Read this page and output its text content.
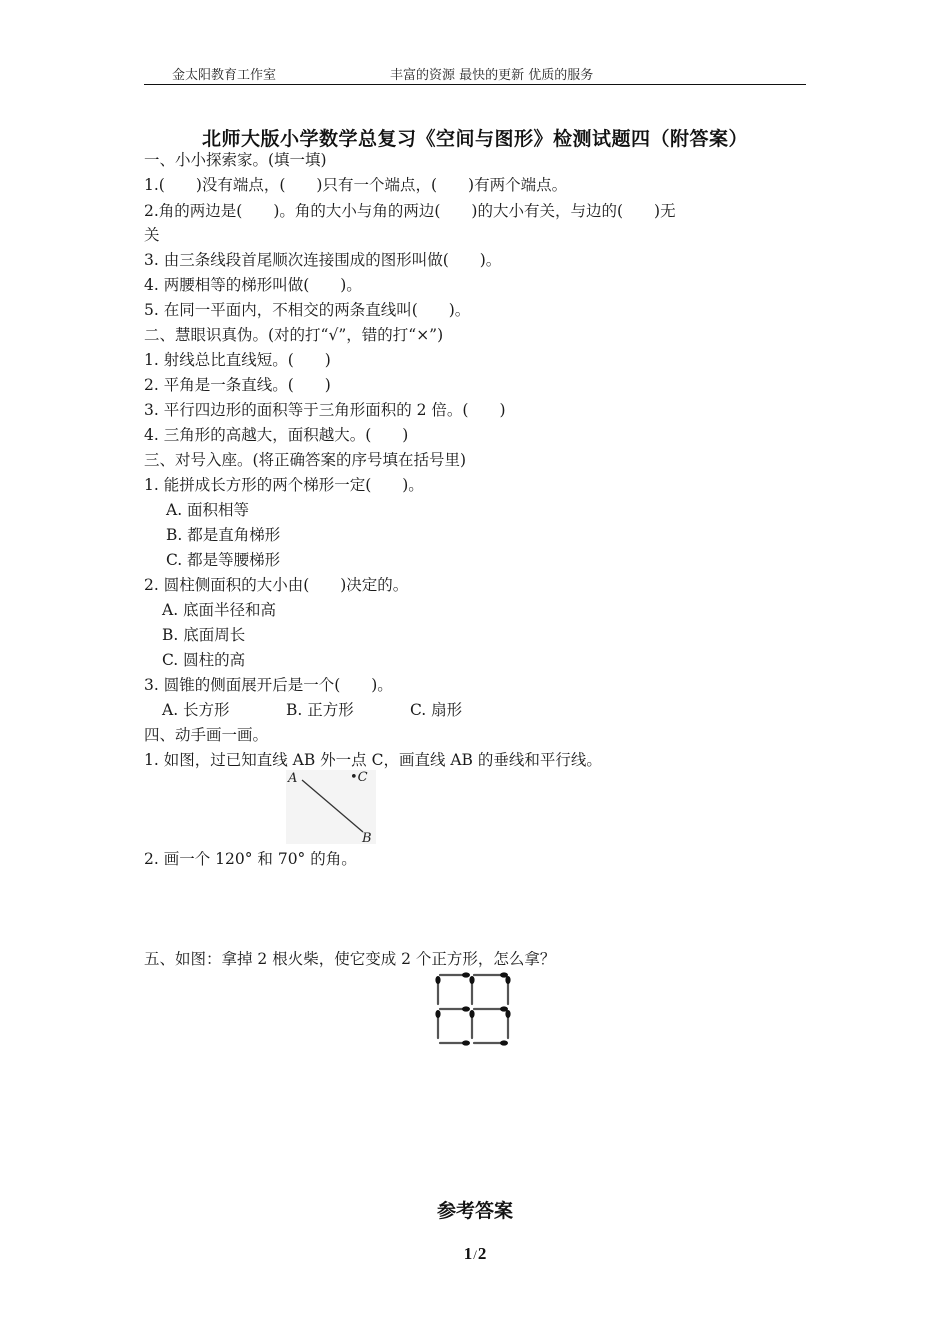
金太阳教育工作室	丰富的资源 最快的更新 优质的服务
北师大版小学数学总复习《空间与图形》检测试题四（附答案）
一、小小探索家。(填一填)
1.(　　)没有端点，(　　)只有一个端点，(　　)有两个端点。
2.角的两边是(　　)。角的大小与角的两边(　　)的大小有关，与边的(　　)无
关
3. 由三条线段首尾顺次连接围成的图形叫做(　　)。
4. 两腰相等的梯形叫做(　　)。
5. 在同一平面内，不相交的两条直线叫(　　)。
二、慧眼识真伪。(对的打“√”，错的打“×”)
1. 射线总比直线短。(　　)
2. 平角是一条直线。(　　)
3. 平行四边形的面积等于三角形面积的 2 倍。(　　)
4. 三角形的高越大，面积越大。(　　)
三、对号入座。(将正确答案的序号填在括号里)
1. 能拼成长方形的两个梯形一定(　　)。
A. 面积相等
B. 都是直角梯形
C. 都是等腰梯形
2. 圆柱侧面积的大小由(　　)决定的。
A. 底面半径和高
B. 底面周长
C. 圆柱的高
3. 圆锥的侧面展开后是一个(　　)。
A. 长方形	B. 正方形	C. 扇形
四、动手画一画。
1. 如图，过已知直线 AB 外一点 C，画直线 AB 的垂线和平行线。
A	•C
B
2. 画一个 120° 和 70° 的角。
五、如图：拿掉 2 根火柴，使它变成 2 个正方形，怎么拿？
参考答案
1/2
